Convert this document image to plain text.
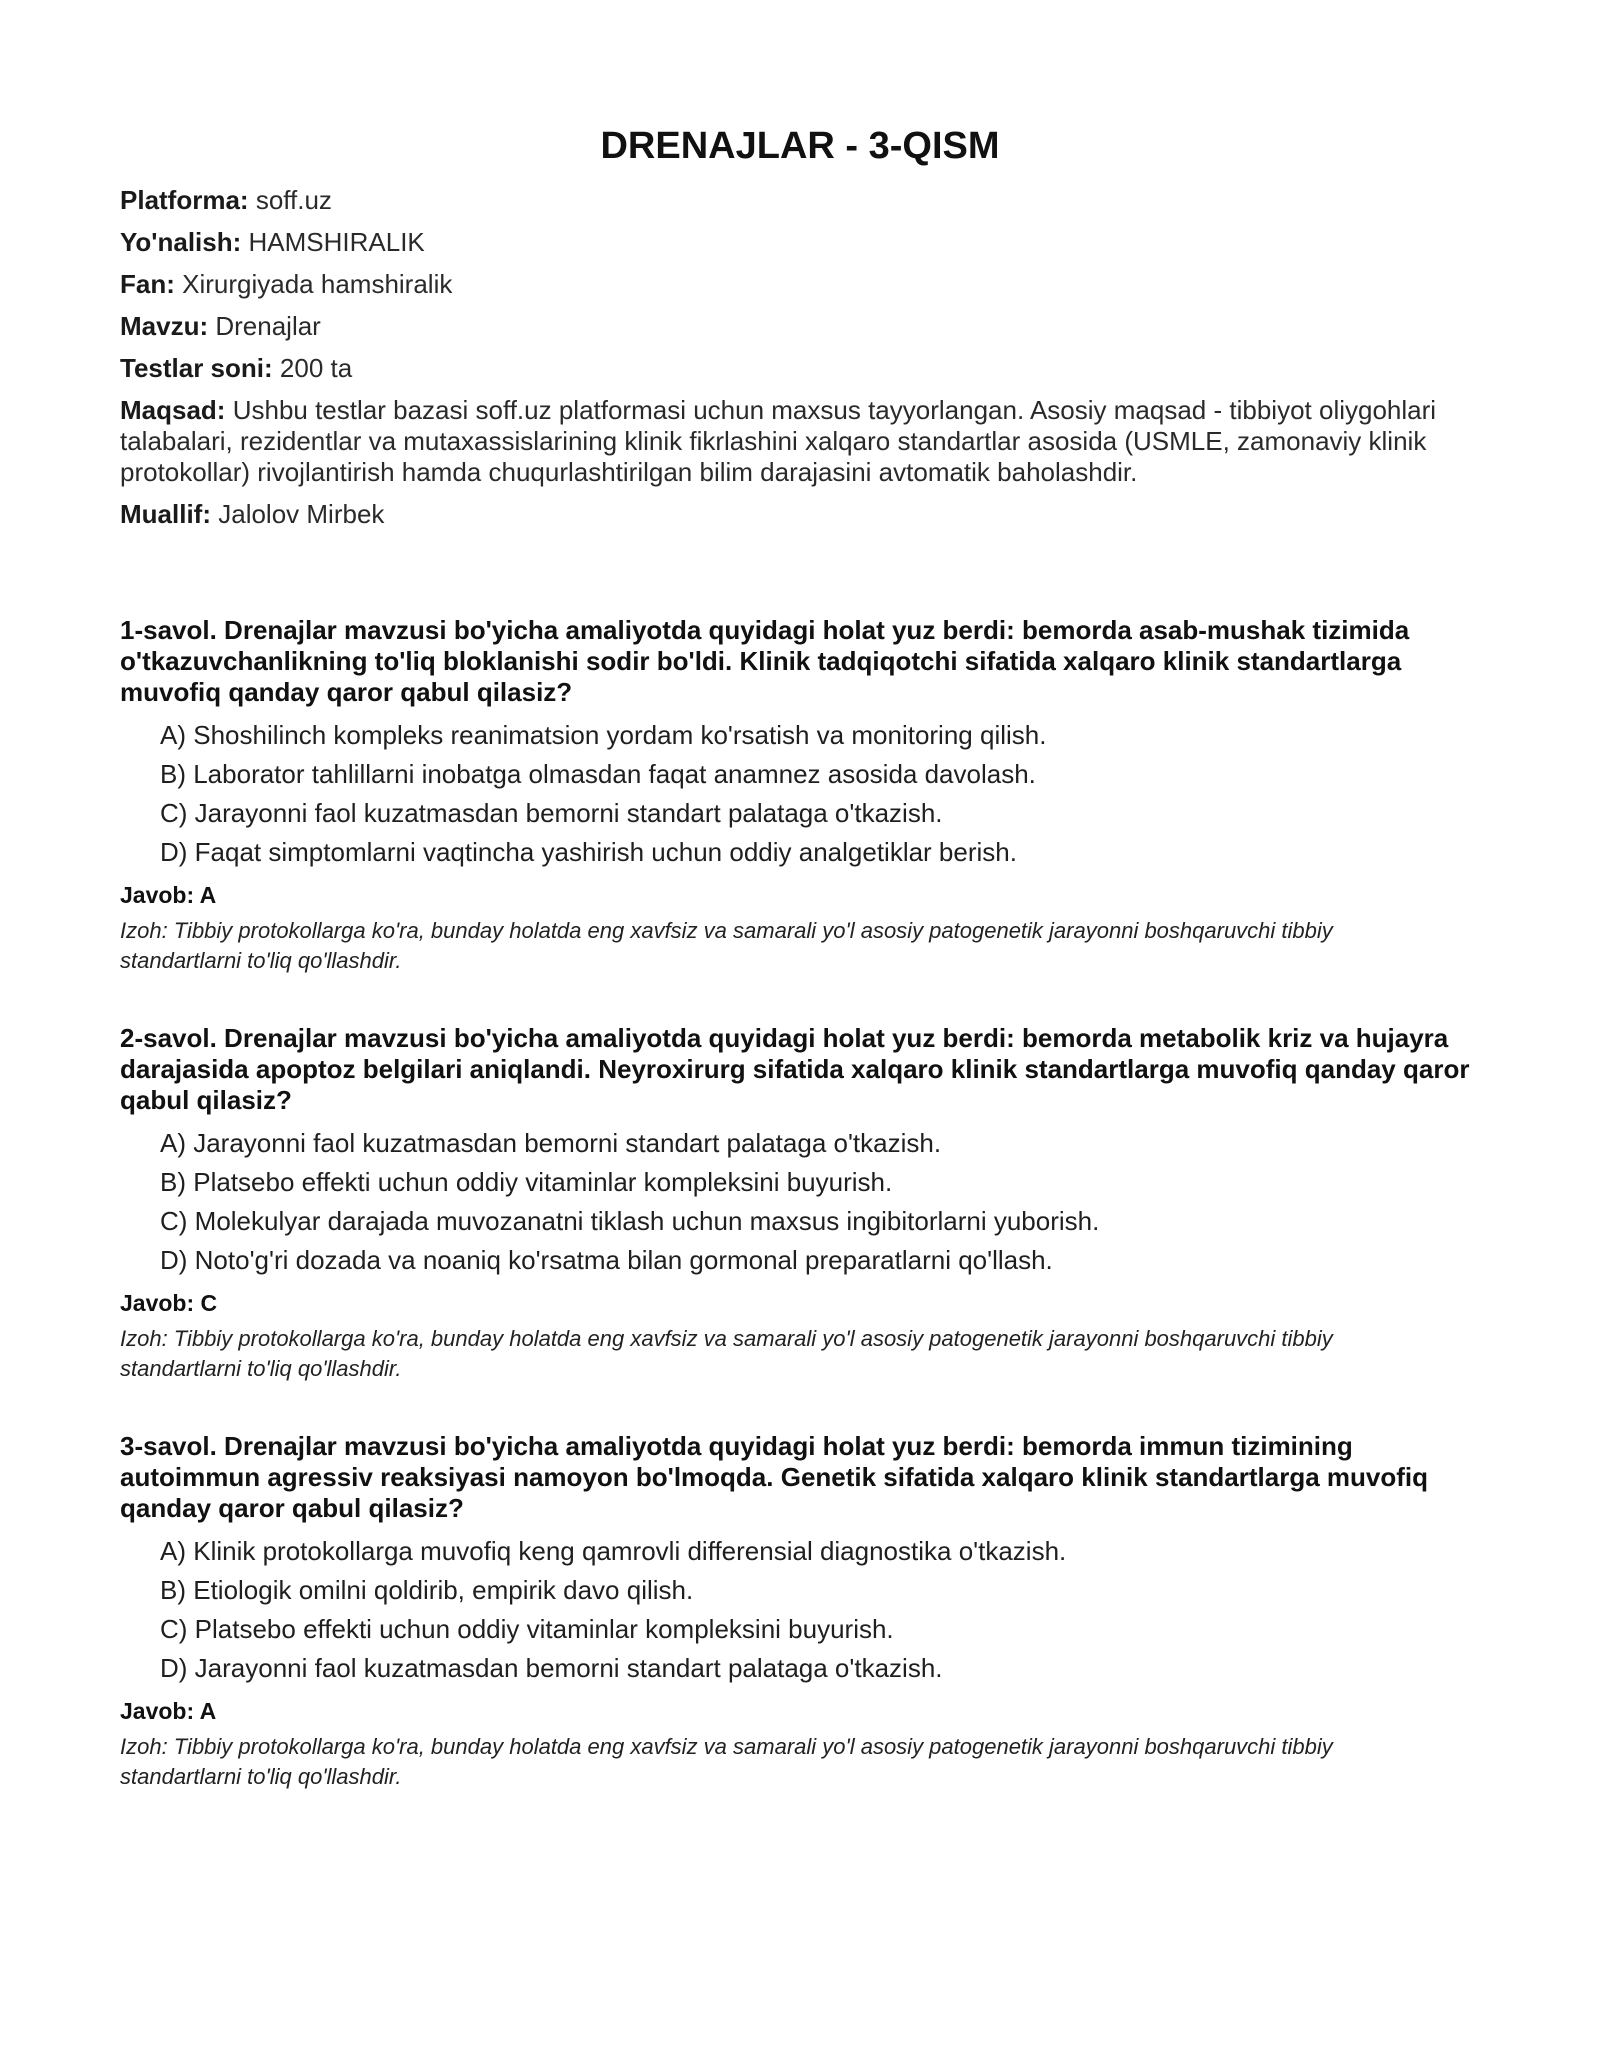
DRENAJLAR - 3-QISM
Platforma: soff.uz
Yo'nalish: HAMSHIRALIK
Fan: Xirurgiyada hamshiralik
Mavzu: Drenajlar
Testlar soni: 200 ta
Maqsad: Ushbu testlar bazasi soff.uz platformasi uchun maxsus tayyorlangan. Asosiy maqsad - tibbiyot oliygohlari talabalari, rezidentlar va mutaxassislarining klinik fikrlashini xalqaro standartlar asosida (USMLE, zamonaviy klinik protokollar) rivojlantirish hamda chuqurlashtirilgan bilim darajasini avtomatik baholashdir.
Muallif: Jalolov Mirbek

1-savol. Drenajlar mavzusi bo'yicha amaliyotda quyidagi holat yuz berdi: bemorda asab-mushak tizimida o'tkazuvchanlikning to'liq bloklanishi sodir bo'ldi. Klinik tadqiqotchi sifatida xalqaro klinik standartlarga muvofiq qanday qaror qabul qilasiz?

A) Shoshilinch kompleks reanimatsion yordam ko'rsatish va monitoring qilish.
B) Laborator tahlillarni inobatga olmasdan faqat anamnez asosida davolash.
C) Jarayonni faol kuzatmasdan bemorni standart palataga o'tkazish.
D) Faqat simptomlarni vaqtincha yashirish uchun oddiy analgetiklar berish.
Javob: A
Izoh: Tibbiy protokollarga ko'ra, bunday holatda eng xavfsiz va samarali yo'l asosiy patogenetik jarayonni boshqaruvchi tibbiy standartlarni to'liq qo'llashdir.

2-savol. Drenajlar mavzusi bo'yicha amaliyotda quyidagi holat yuz berdi: bemorda metabolik kriz va hujayra darajasida apoptoz belgilari aniqlandi. Neyroxirurg sifatida xalqaro klinik standartlarga muvofiq qanday qaror qabul qilasiz?

A) Jarayonni faol kuzatmasdan bemorni standart palataga o'tkazish.
B) Platsebo effekti uchun oddiy vitaminlar kompleksini buyurish.
C) Molekulyar darajada muvozanatni tiklash uchun maxsus ingibitorlarni yuborish.
D) Noto'g'ri dozada va noaniq ko'rsatma bilan gormonal preparatlarni qo'llash.
Javob: C
Izoh: Tibbiy protokollarga ko'ra, bunday holatda eng xavfsiz va samarali yo'l asosiy patogenetik jarayonni boshqaruvchi tibbiy standartlarni to'liq qo'llashdir.

3-savol. Drenajlar mavzusi bo'yicha amaliyotda quyidagi holat yuz berdi: bemorda immun tizimining autoimmun agressiv reaksiyasi namoyon bo'lmoqda. Genetik sifatida xalqaro klinik standartlarga muvofiq qanday qaror qabul qilasiz?

A) Klinik protokollarga muvofiq keng qamrovli differensial diagnostika o'tkazish.
B) Etiologik omilni qoldirib, empirik davo qilish.
C) Platsebo effekti uchun oddiy vitaminlar kompleksini buyurish.
D) Jarayonni faol kuzatmasdan bemorni standart palataga o'tkazish.
Javob: A
Izoh: Tibbiy protokollarga ko'ra, bunday holatda eng xavfsiz va samarali yo'l asosiy patogenetik jarayonni boshqaruvchi tibbiy standartlarni to'liq qo'llashdir.
